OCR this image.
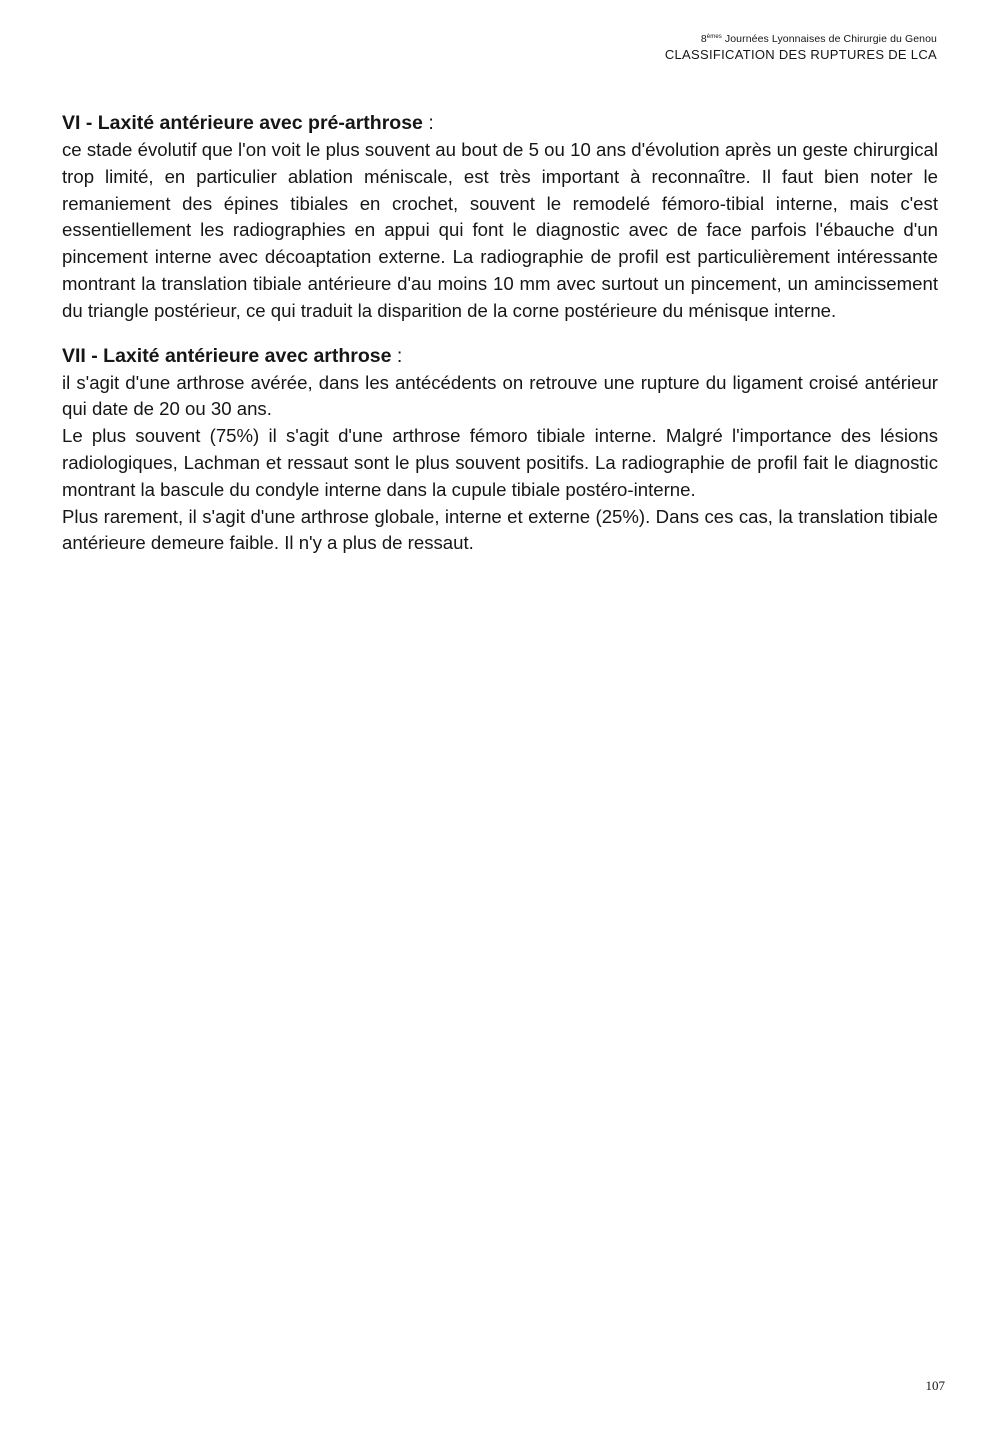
8èmes Journées Lyonnaises de Chirurgie du Genou
CLASSIFICATION DES RUPTURES DE LCA
VI - Laxité antérieure avec pré-arthrose :

ce stade évolutif que l'on voit le plus souvent au bout de 5 ou 10 ans d'évolution après un geste chirurgical trop limité, en particulier ablation méniscale, est très important à reconnaître. Il faut bien noter le remaniement des épines tibiales en crochet, souvent le remodelé fémoro-tibial interne, mais c'est essentiellement les radiographies en appui qui font le diagnostic avec de face parfois l'ébauche d'un pincement interne avec décoaptation externe. La radiographie de profil est particulièrement intéressante montrant la translation tibiale antérieure d'au moins 10 mm avec surtout un pincement, un amincissement du triangle postérieur, ce qui traduit la disparition de la corne postérieure du ménisque interne.

VII - Laxité antérieure avec arthrose :

il s'agit d'une arthrose avérée, dans les antécédents on retrouve une rupture du ligament croisé antérieur qui date de 20 ou 30 ans.

Le plus souvent (75%) il s'agit d'une arthrose fémoro tibiale interne. Malgré l'importance des lésions radiologiques, Lachman et ressaut sont le plus souvent positifs. La radiographie de profil fait le diagnostic montrant la bascule du condyle interne dans la cupule tibiale postéro-interne.

Plus rarement, il s'agit d'une arthrose globale, interne et externe (25%). Dans ces cas, la translation tibiale antérieure demeure faible. Il n'y a plus de ressaut.

107
